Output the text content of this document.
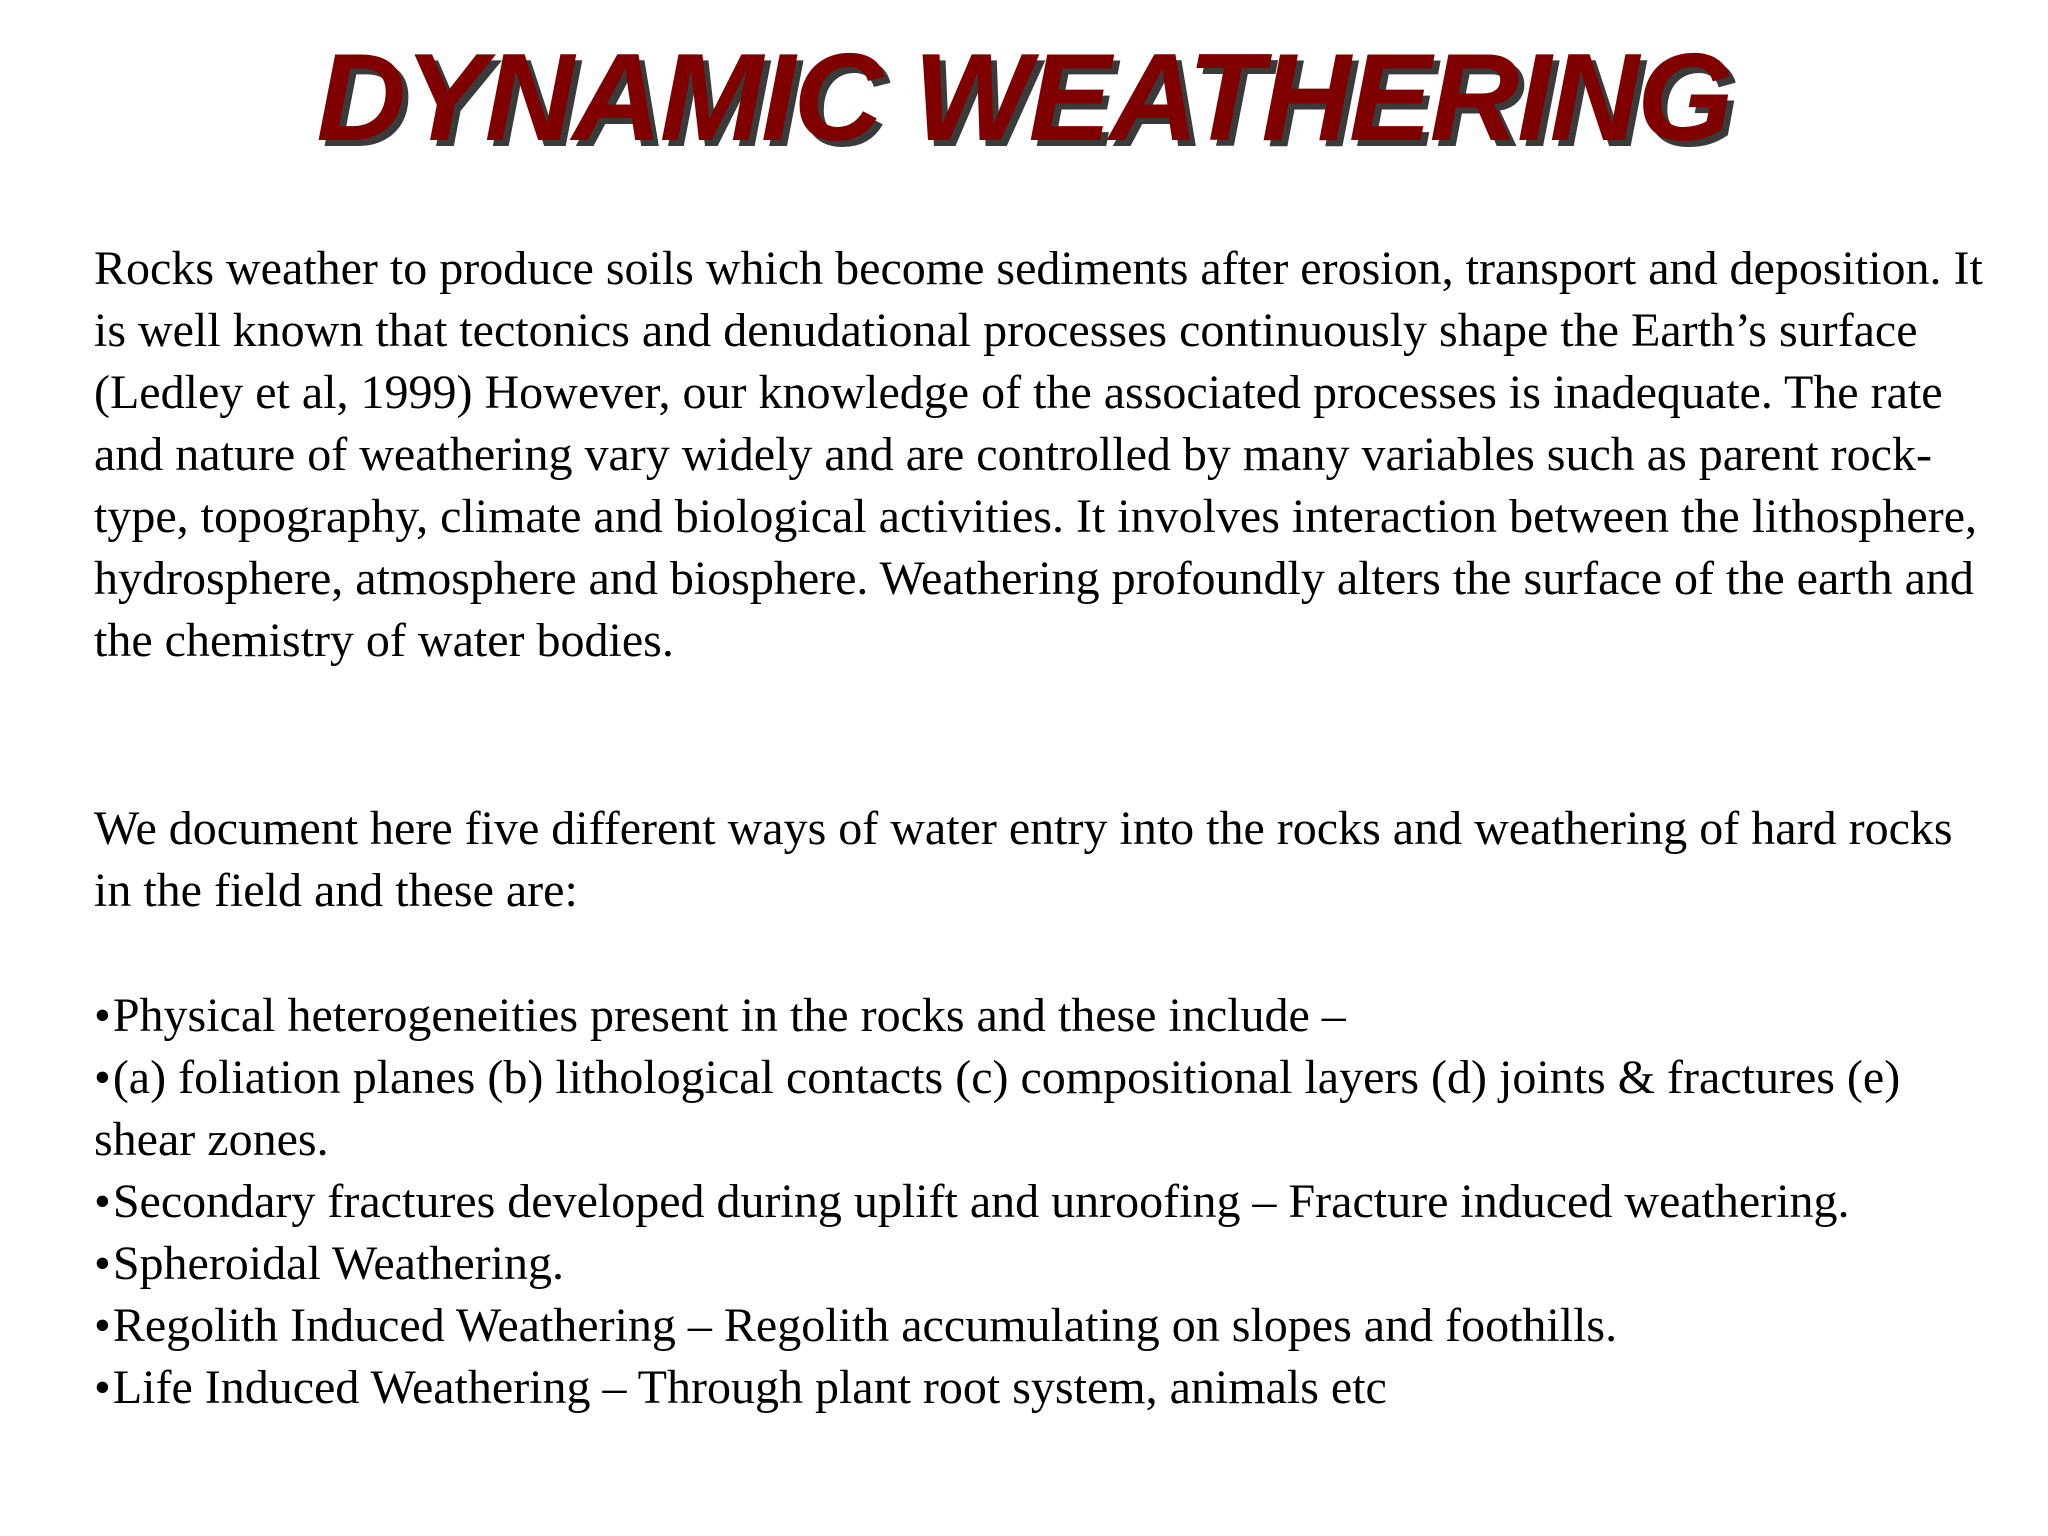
DYNAMIC WEATHERING

Rocks weather to produce soils which become sediments after erosion, transport and deposition. It is well known that tectonics and denudational processes continuously shape the Earth’s surface (Ledley et al, 1999) However, our knowledge of the associated processes is inadequate. The rate and nature of weathering vary widely and are controlled by many variables such as parent rock-type, topography, climate and biological activities. It involves interaction between the lithosphere, hydrosphere, atmosphere and biosphere. Weathering profoundly alters the surface of the earth and the chemistry of water bodies.

We document here five different ways of water entry into the rocks and weathering of hard rocks in the field and these are:

•Physical heterogeneities present in the rocks and these include –
•(a) foliation planes (b) lithological contacts (c) compositional layers (d) joints & fractures (e) shear zones.
•Secondary fractures developed during uplift and unroofing – Fracture induced weathering.
•Spheroidal Weathering.
•Regolith Induced Weathering – Regolith accumulating on slopes and foothills.
•Life Induced Weathering – Through plant root system, animals etc
